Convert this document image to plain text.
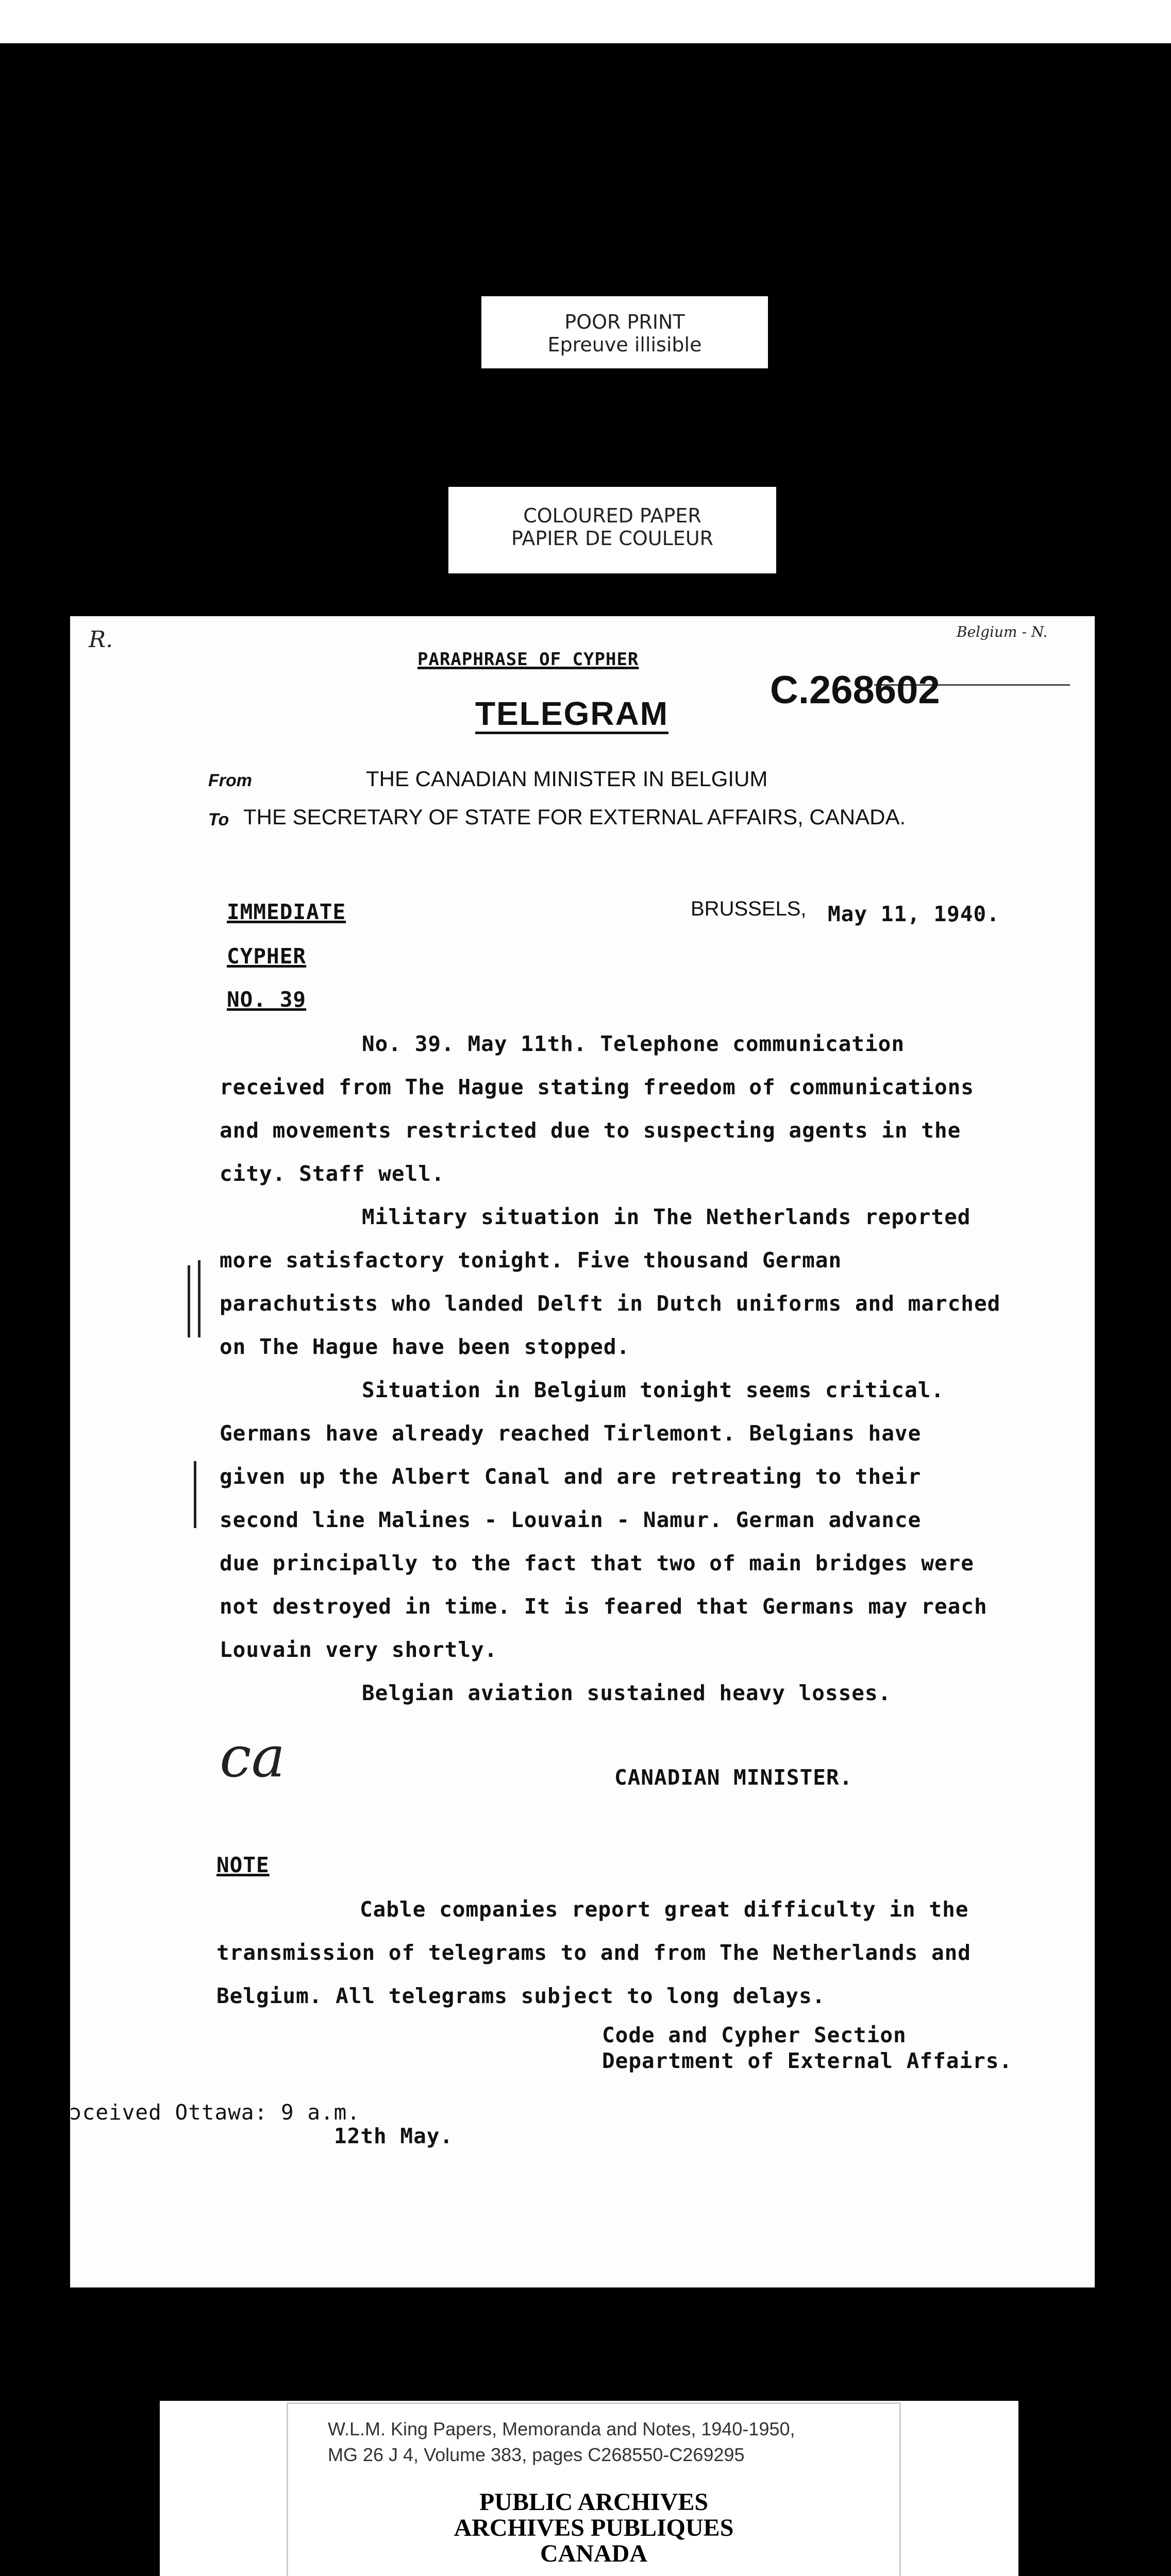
POOR PRINT
Epreuve illisible
COLOURED PAPER
PAPIER DE COULEUR
R.	Belgium - N.
PARAPHRASE OF CYPHER
TELEGRAM
C.268602
From	THE CANADIAN MINISTER IN BELGIUM
To THE SECRETARY OF STATE FOR EXTERNAL AFFAIRS, CANADA.
IMMEDIATE
CYPHER
NO. 39
BRUSSELS, May 11, 1940.
No. 39. May 11th. Telephone communication
received from The Hague stating freedom of communications
and movements restricted due to suspecting agents in the
city. Staff well.
Military situation in The Netherlands reported
more satisfactory tonight. Five thousand German
parachutists who landed Delft in Dutch uniforms and marched
on The Hague have been stopped.
Situation in Belgium tonight seems critical.
Germans have already reached Tirlemont. Belgians have
given up the Albert Canal and are retreating to their
second line Malines - Louvain - Namur. German advance
due principally to the fact that two of main bridges were
not destroyed in time. It is feared that Germans may reach
Louvain very shortly.
Belgian aviation sustained heavy losses.
ca	CANADIAN MINISTER.
NOTE
Cable companies report great difficulty in the
transmission of telegrams to and from The Netherlands and
Belgium. All telegrams subject to long delays.
Code and Cypher Section
Department of External Affairs.
ɔceived Ottawa: 9 a.m.
12th May.
W.L.M. King Papers, Memoranda and Notes, 1940-1950,
MG 26 J 4, Volume 383, pages C268550-C269295
PUBLIC ARCHIVES
ARCHIVES PUBLIQUES
CANADA
